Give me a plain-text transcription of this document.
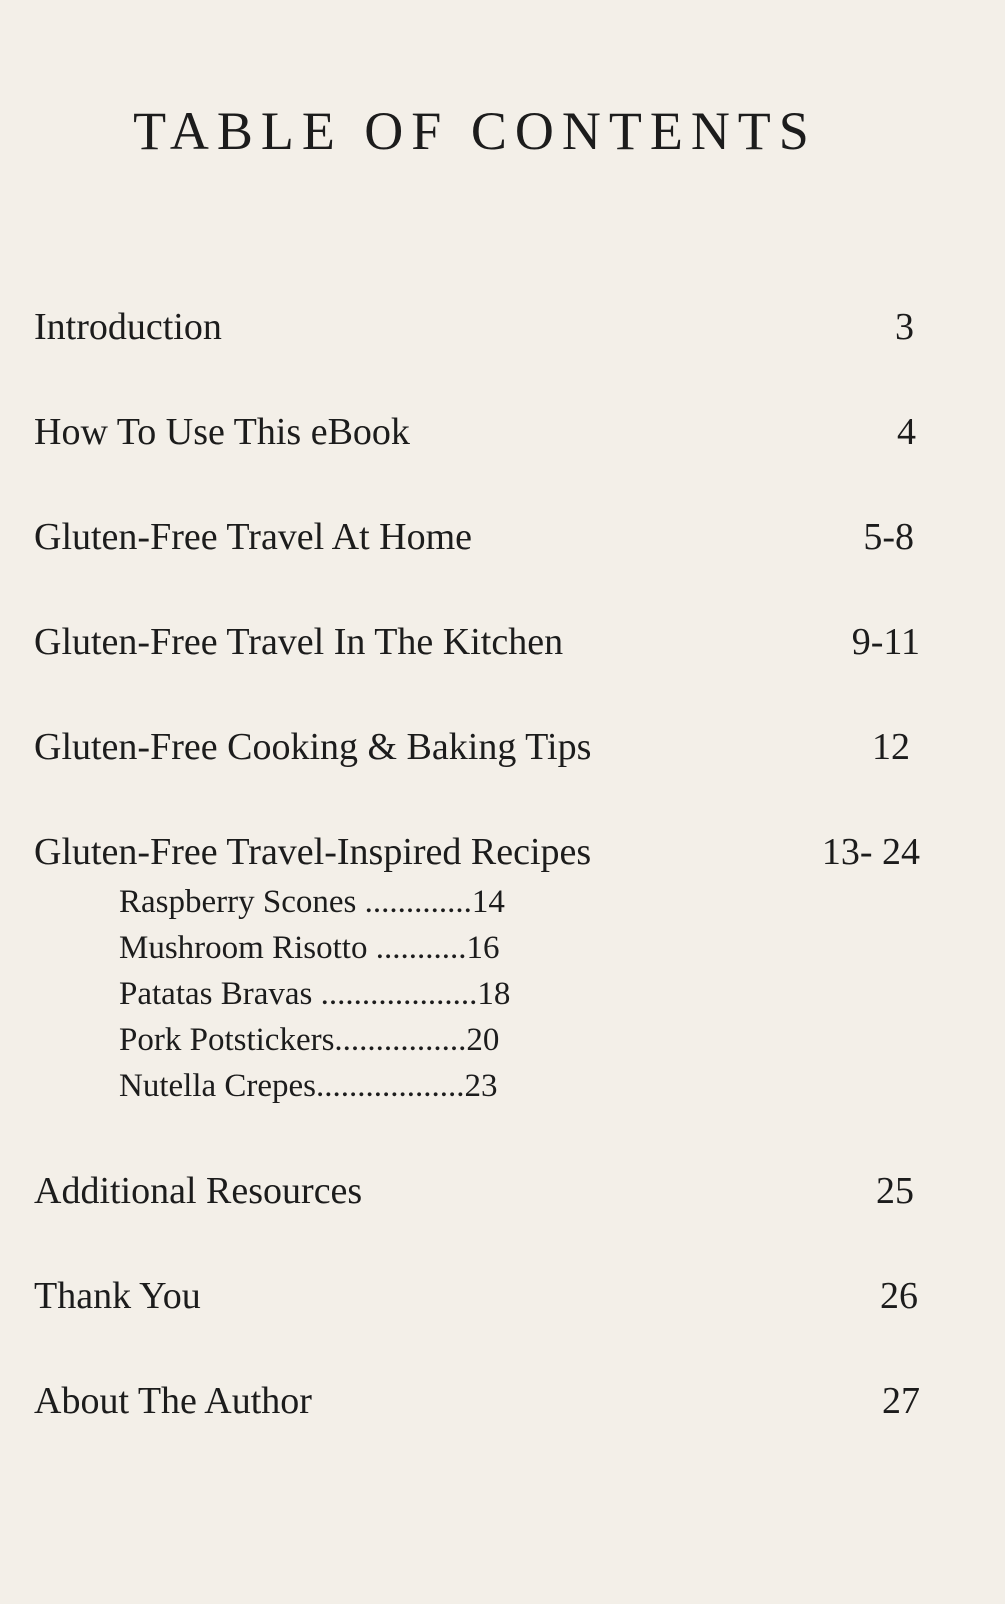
TABLE OF CONTENTS
Introduction	3
How To Use This eBook	4
Gluten-Free Travel At Home	5-8
Gluten-Free Travel In The Kitchen	9-11
Gluten-Free Cooking & Baking Tips	12
Gluten-Free Travel-Inspired Recipes	13- 24
Raspberry Scones .............14
Mushroom Risotto ...........16
Patatas Bravas ...................18
Pork Potstickers................20
Nutella Crepes..................23
Additional Resources	25
Thank You	26
About The Author	27
